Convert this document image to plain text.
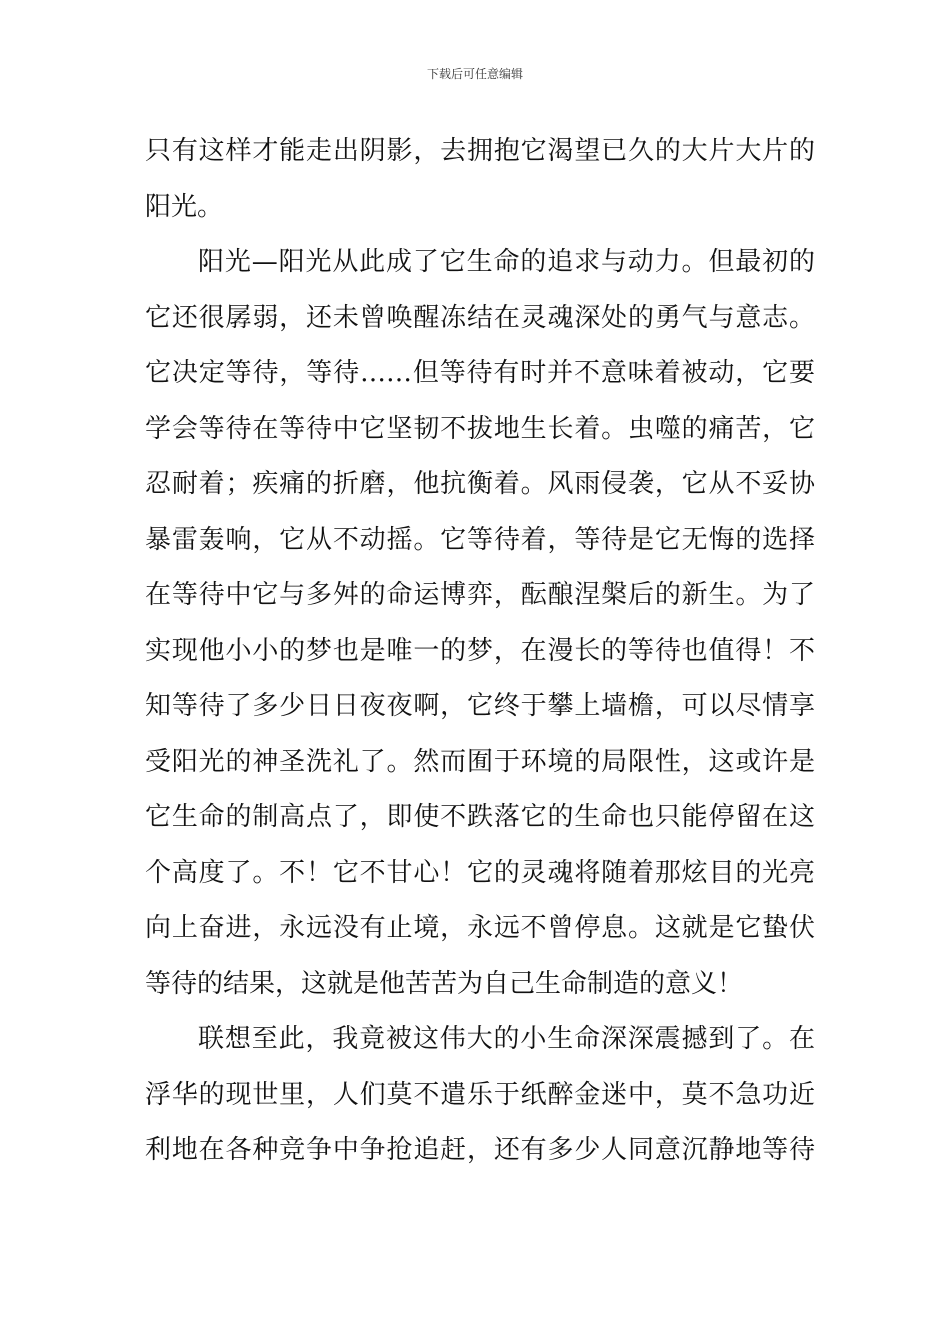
下载后可任意编辑
只有这样才能走出阴影，去拥抱它渴望已久的大片大片的
阳光。
阳光—阳光从此成了它生命的追求与动力。但最初的
它还很孱弱，还未曾唤醒冻结在灵魂深处的勇气与意志。
它决定等待，等待……但等待有时并不意味着被动，它要
学会等待在等待中它坚韧不拔地生长着。虫噬的痛苦，它
忍耐着；疾痛的折磨，他抗衡着。风雨侵袭，它从不妥协
暴雷轰响，它从不动摇。它等待着，等待是它无悔的选择
在等待中它与多舛的命运博弈，酝酿涅槃后的新生。为了
实现他小小的梦也是唯一的梦，在漫长的等待也值得！不
知等待了多少日日夜夜啊，它终于攀上墙檐，可以尽情享
受阳光的神圣洗礼了。然而囿于环境的局限性，这或许是
它生命的制高点了，即使不跌落它的生命也只能停留在这
个高度了。不！它不甘心！它的灵魂将随着那炫目的光亮
向上奋进，永远没有止境，永远不曾停息。这就是它蛰伏
等待的结果，这就是他苦苦为自己生命制造的意义！
联想至此，我竟被这伟大的小生命深深震撼到了。在
浮华的现世里，人们莫不遣乐于纸醉金迷中，莫不急功近
利地在各种竞争中争抢追赶，还有多少人同意沉静地等待
